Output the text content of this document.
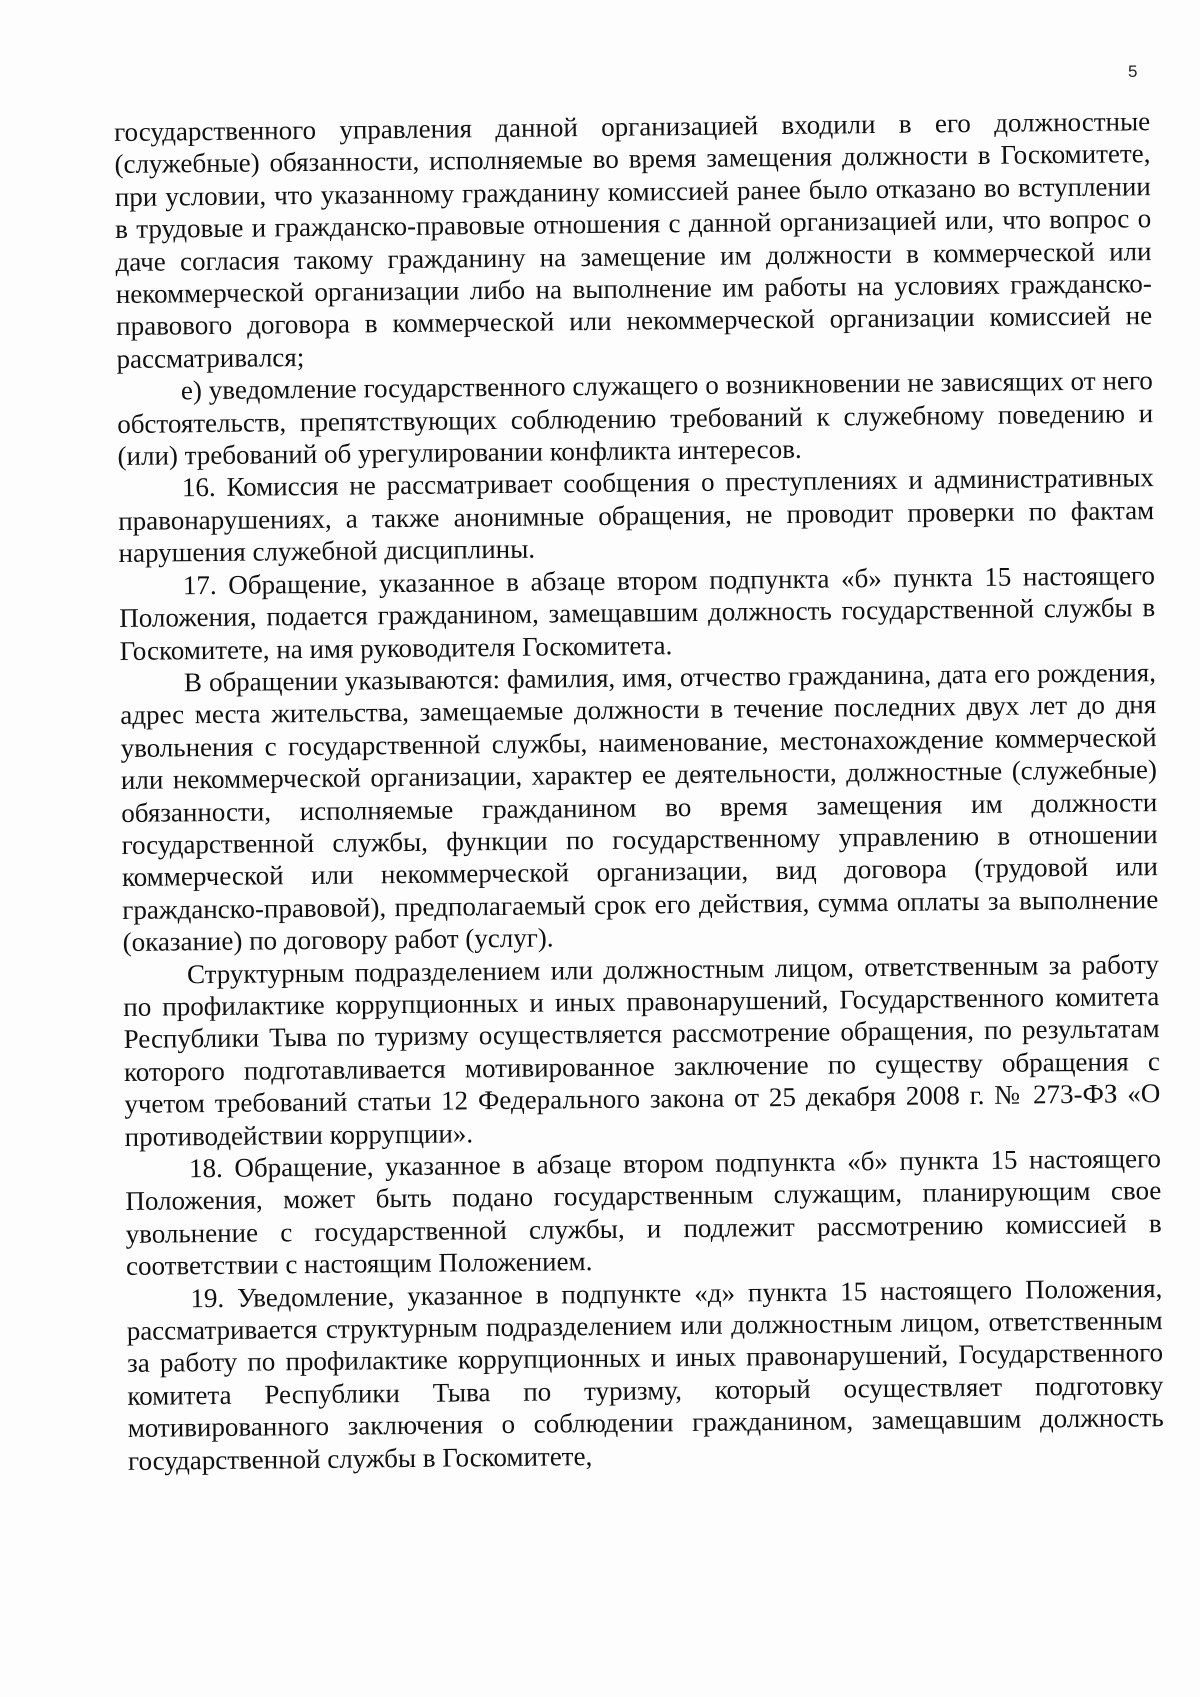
5

государственного управления данной организацией входили в его должностные (служебные) обязанности, исполняемые во время замещения должности в Госкомитете, при условии, что указанному гражданину комиссией ранее было отказано во вступлении в трудовые и гражданско-правовые отношения с данной организацией или, что вопрос о даче согласия такому гражданину на замещение им должности в коммерческой или некоммерческой организации либо на выполнение им работы на условиях гражданско-правового договора в коммерческой или некоммерческой организации комиссией не рассматривался;

е) уведомление государственного служащего о возникновении не зависящих от него обстоятельств, препятствующих соблюдению требований к служебному поведению и (или) требований об урегулировании конфликта интересов.

16. Комиссия не рассматривает сообщения о преступлениях и административных правонарушениях, а также анонимные обращения, не проводит проверки по фактам нарушения служебной дисциплины.

17. Обращение, указанное в абзаце втором подпункта «б» пункта 15 настоящего Положения, подается гражданином, замещавшим должность государственной службы в Госкомитете, на имя руководителя Госкомитета.

В обращении указываются: фамилия, имя, отчество гражданина, дата его рождения, адрес места жительства, замещаемые должности в течение последних двух лет до дня увольнения с государственной службы, наименование, местонахождение коммерческой или некоммерческой организации, характер ее деятельности, должностные (служебные) обязанности, исполняемые гражданином во время замещения им должности государственной службы, функции по государственному управлению в отношении коммерческой или некоммерческой организации, вид договора (трудовой или гражданско-правовой), предполагаемый срок его действия, сумма оплаты за выполнение (оказание) по договору работ (услуг).

Структурным подразделением или должностным лицом, ответственным за работу по профилактике коррупционных и иных правонарушений, Государственного комитета Республики Тыва по туризму осуществляется рассмотрение обращения, по результатам которого подготавливается мотивированное заключение по существу обращения с учетом требований статьи 12 Федерального закона от 25 декабря 2008 г. № 273-ФЗ «О противодействии коррупции».

18. Обращение, указанное в абзаце втором подпункта «б» пункта 15 настоящего Положения, может быть подано государственным служащим, планирующим свое увольнение с государственной службы, и подлежит рассмотрению комиссией в соответствии с настоящим Положением.

19. Уведомление, указанное в подпункте «д» пункта 15 настоящего Положения, рассматривается структурным подразделением или должностным лицом, ответственным за работу по профилактике коррупционных и иных правонарушений, Государственного комитета Республики Тыва по туризму, который осуществляет подготовку мотивированного заключения о соблюдении гражданином, замещавшим должность государственной службы в Госкомитете,
